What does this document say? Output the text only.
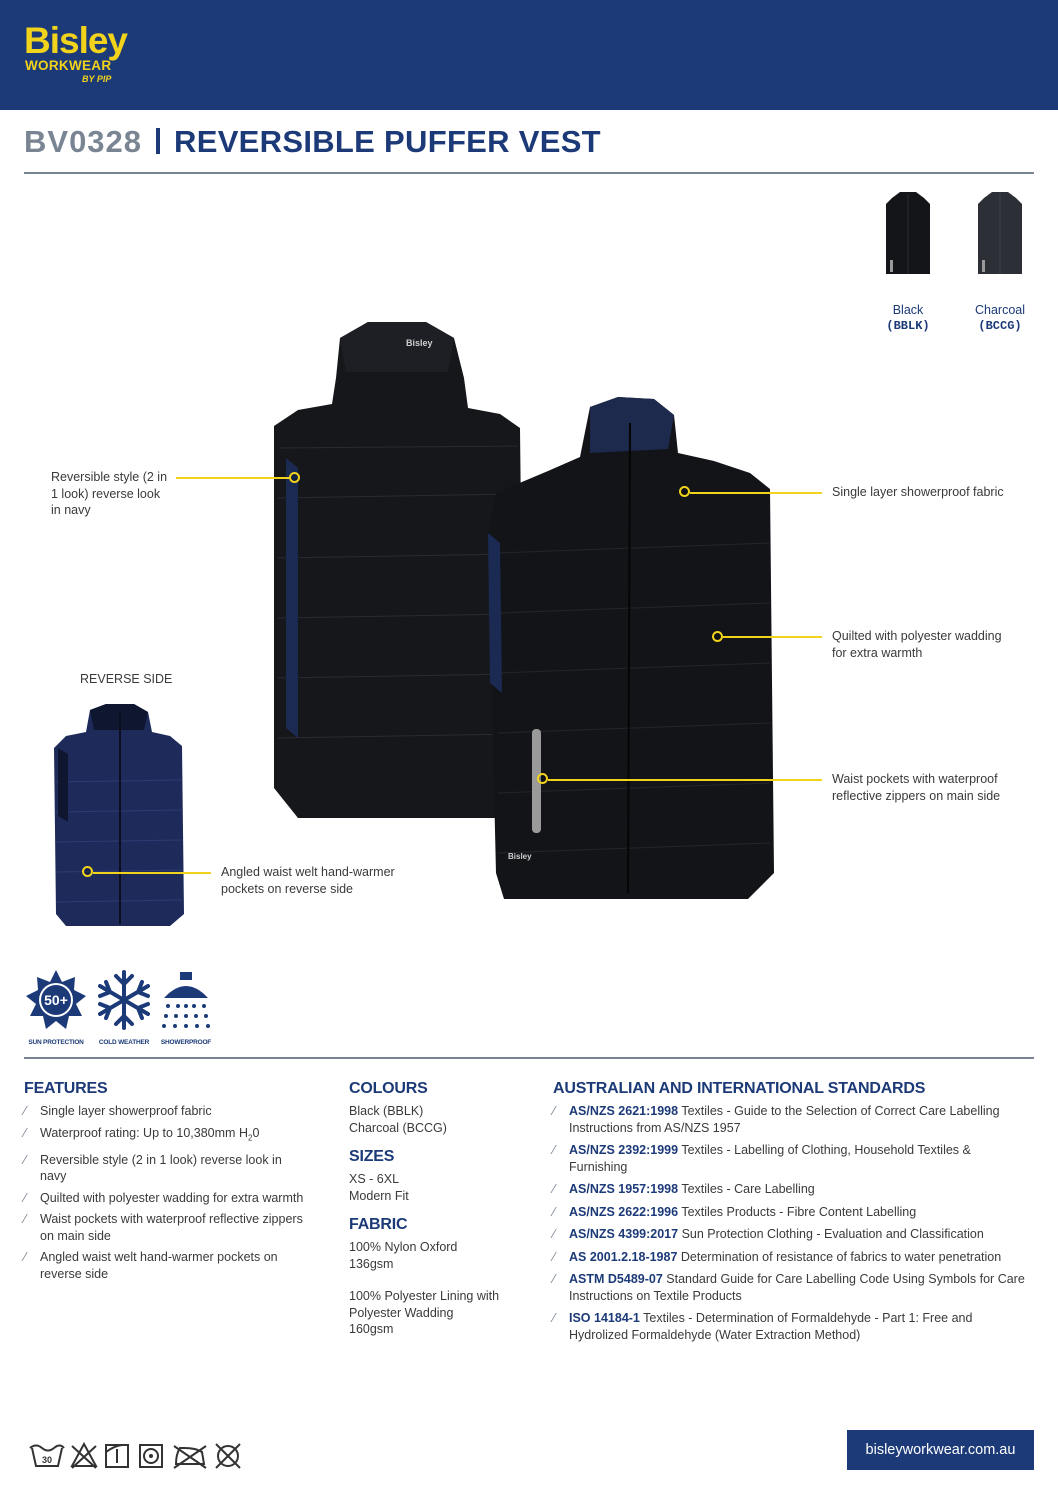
Bisley
WORKWEAR
BY PIP
BV0328 REVERSIBLE PUFFER VEST
Black
(BBLK)
Charcoal
(BCCG)
Bisley
Bisley
Reversible style (2 in 1 look) reverse look in navy
Single layer showerproof fabric
Quilted with polyester wadding for extra warmth
Waist pockets with waterproof reflective zippers on main side
Angled waist welt hand-warmer pockets on reverse side
REVERSE SIDE
50+
SUN PROTECTION	COLD WEATHER	SHOWERPROOF
FEATURES
⁄ Single layer showerproof fabric
⁄ Waterproof rating: Up to 10,380mm $H_20$
⁄ Reversible style (2 in 1 look) reverse look in navy
⁄ Quilted with polyester wadding for extra warmth
⁄ Waist pockets with waterproof reflective zippers on main side
⁄ Angled waist welt hand-warmer pockets on reverse side
COLOURS
Black (BBLK)
Charcoal (BCCG)
SIZES
XS - 6XL
Modern Fit
FABRIC
100% Nylon Oxford
136gsm
100% Polyester Lining with
Polyester Wadding
160gsm
AUSTRALIAN AND INTERNATIONAL STANDARDS
⁄ AS/NZS 2621:1998 Textiles - Guide to the Selection of Correct Care Labelling Instructions from AS/NZS 1957
⁄ AS/NZS 2392:1999 Textiles - Labelling of Clothing, Household Textiles & Furnishing
⁄ AS/NZS 1957:1998 Textiles - Care Labelling
⁄ AS/NZS 2622:1996 Textiles Products - Fibre Content Labelling
⁄ AS/NZS 4399:2017 Sun Protection Clothing - Evaluation and Classification
⁄ AS 2001.2.18-1987 Determination of resistance of fabrics to water penetration
⁄ ASTM D5489-07 Standard Guide for Care Labelling Code Using Symbols for Care Instructions on Textile Products
⁄ ISO 14184-1 Textiles - Determination of Formaldehyde - Part 1: Free and Hydrolized Formaldehyde (Water Extraction Method)
30
bisleyworkwear.com.au
